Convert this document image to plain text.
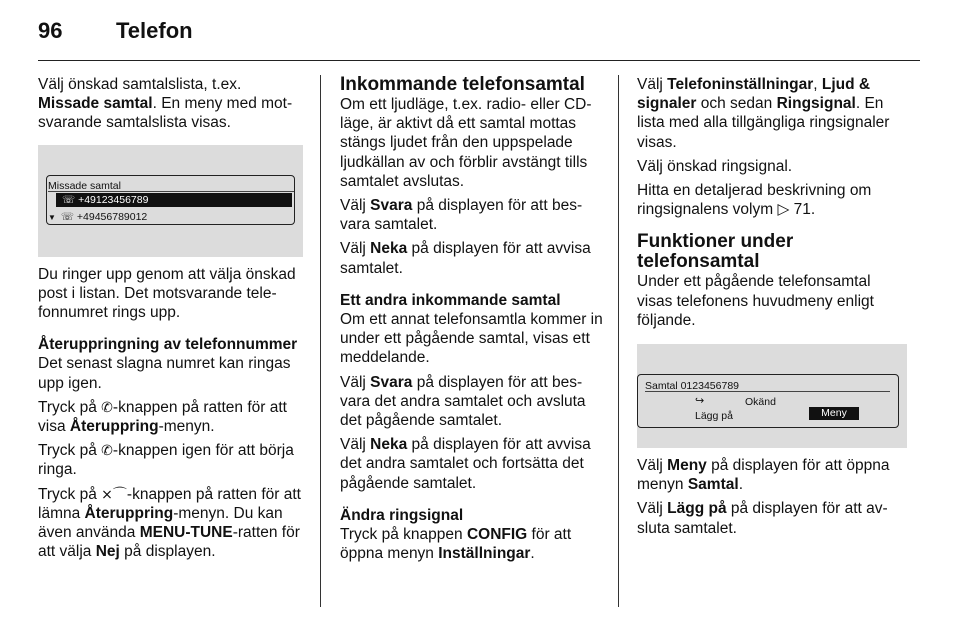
96 Telefon

Välj önskad samtalslista, t.ex.
Missade samtal. En meny med motsvarande samtalslista visas.

Missade samtal
☏ +49123456789
▼ ☏ +49456789012

Du ringer upp genom att välja önskad post i listan. Det motsvarande telefonnumret rings upp.

Återuppringning av telefonnummer

Det senast slagna numret kan ringas upp igen.

Tryck på ✆-knappen på ratten för att visa Återuppring-menyn.

Tryck på ✆-knappen igen för att börja ringa.

Tryck på ⨯⌒-knappen på ratten för att lämna Återuppring-menyn. Du kan även använda MENU-TUNE-ratten för att välja Nej på displayen.

Inkommande telefonsamtal

Om ett ljudläge, t.ex. radio- eller CD-läge, är aktivt då ett samtal mottas stängs ljudet från den uppspelade ljudkällan av och förblir avstängt tills samtalet avslutas.

Välj Svara på displayen för att besvara samtalet.

Välj Neka på displayen för att avvisa samtalet.

Ett andra inkommande samtal

Om ett annat telefonsamtla kommer in under ett pågående samtal, visas ett meddelande.

Välj Svara på displayen för att besvara det andra samtalet och avsluta det pågående samtalet.

Välj Neka på displayen för att avvisa det andra samtalet och fortsätta det pågående samtalet.

Ändra ringsignal

Tryck på knappen CONFIG för att öppna menyn Inställningar.

Välj Telefoninställningar, Ljud & signaler och sedan Ringsignal. En lista med alla tillgängliga ringsignaler visas.

Välj önskad ringsignal.

Hitta en detaljerad beskrivning om ringsignalens volym ▷ 71.

Funktioner under telefonsamtal

Under ett pågående telefonsamtal visas telefonens huvudmeny enligt följande.

Samtal 0123456789
↪	Okänd
Lägg på	Meny

Välj Meny på displayen för att öppna menyn Samtal.

Välj Lägg på på displayen för att avsluta samtalet.
